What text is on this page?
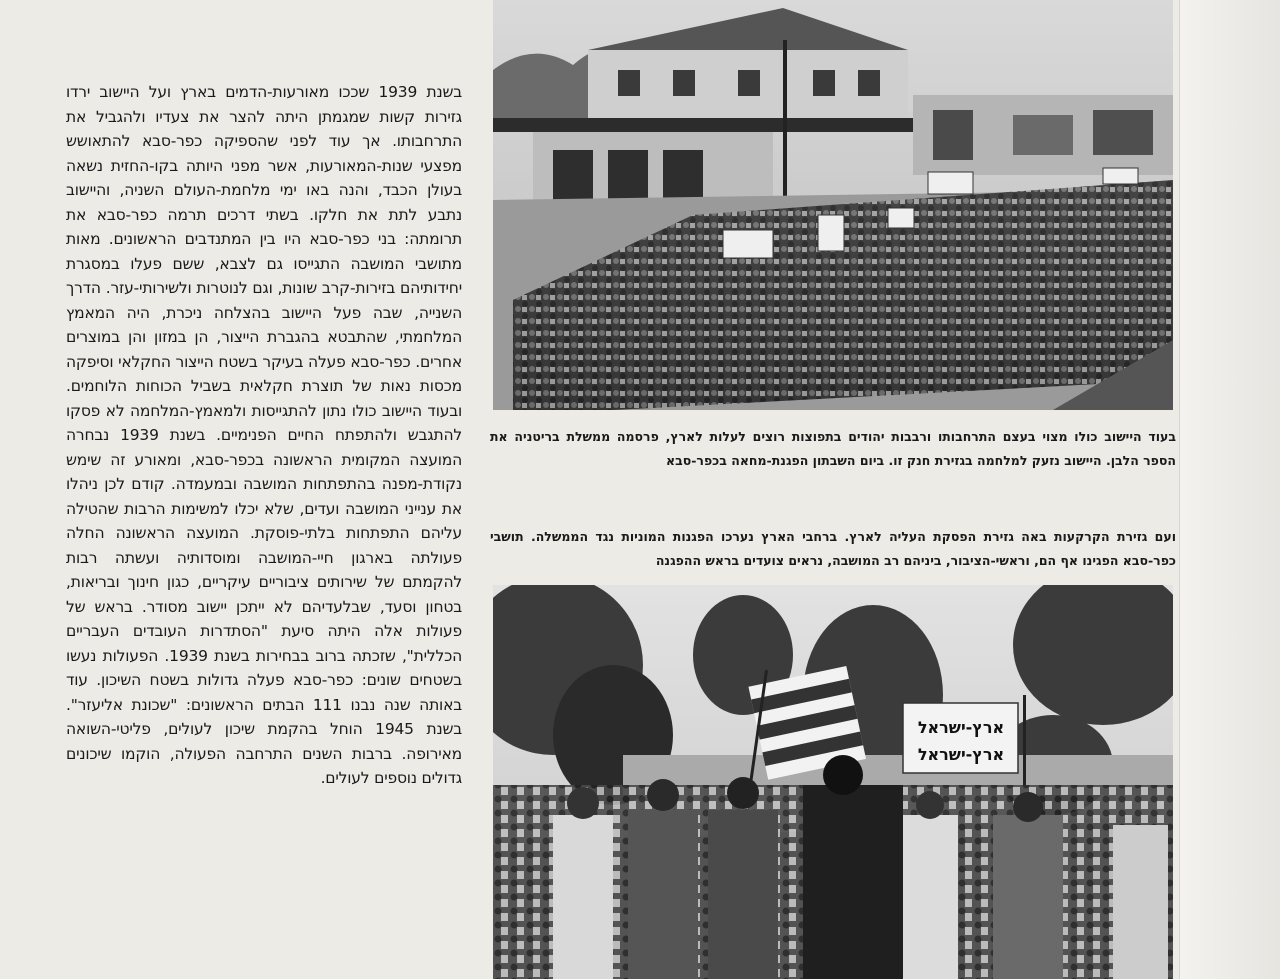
בשנת 1939 שככו מאורעות-הדמים בארץ ועל היישוב ירדו גזירות קשות שמגמתן היתה להצר את צעדיו ולהגביל את התרחבותו. אך עוד לפני שהספיקה כפר-סבא להתאושש מפצעי שנות-המאורעות, אשר מפני היותה בקו-החזית נשאה בעולן הכבד, והנה באו ימי מלחמת-העולם השניה, והיישוב נתבע לתת את חלקו. בשתי דרכים תרמה כפר-סבא את תרומתה: בני כפר-סבא היו בין המתנדבים הראשונים. מאות מתושבי המושבה התגייסו גם לצבא, ששם פעלו במסגרת יחידותיהם בזירות-קרב שונות, וגם לנוטרות ולשירותי-עזר. הדרך השנייה, שבה פעל היישוב בהצלחה ניכרת, היה המאמץ המלחמתי, שהתבטא בהגברת הייצור, הן במזון והן במוצרים אחרים. כפר-סבא פעלה בעיקר בשטח הייצור החקלאי וסיפקה מכסות נאות של תוצרת חקלאית בשביל הכוחות הלוחמים. ובעוד היישוב כולו נתון להתגייסות ולמאמץ-המלחמה לא פסקו להתגבש ולהתפתח החיים הפנימיים. בשנת 1939 נבחרה המועצה המקומית הראשונה בכפר-סבא, ומאורע זה שימש נקודת-מפנה בהתפתחות המושבה ובמעמדה. קודם לכן ניהלו את ענייני המושבה ועדים, שלא יכלו למשימות הרבות שהטילה עליהם התפתחות בלתי-פוסקת. המועצה הראשונה החלה פעולתה בארגון חיי-המושבה ומוסדותיה ועשתה רבות להקמתם של שירותים ציבוריים עיקריים, כגון חינוך ובריאות, בטחון וסעד, שבלעדיהם לא ייתכן יישוב מסודר. בראש של פעולות אלה היתה סיעת "הסתדרות העובדים העבריים הכללית", שזכתה ברוב בבחירות בשנת 1939. הפעולות נעשו בשטחים שונים: כפר-סבא פעלה גדולות בשטח השיכון. עוד באותה שנה נבנו 111 הבתים הראשונים: "שכונת אליעזר". בשנת 1945 הוחל בהקמת שיכון לעולים, פליטי-השואה מאירופה. ברבות השנים התרחבה הפעולה, הוקמו שיכונים גדולים נוספים לעולים.
בעוד היישוב כולו מצוי בעצם התרחבותו ורבבות יהודים בתפוצות רוצים לעלות לארץ, פרסמה ממשלת בריטניה את הספר הלבן. היישוב נזעק למלחמה בגזירת חנק זו. ביום השבתון הפגנת-מחאה בכפר-סבא
ועם גזירת הקרקעות באה גזירת הפסקת העליה לארץ. ברחבי הארץ נערכו הפגנות המוניות נגד הממשלה. תושבי כפר-סבא הפגינו אף הם, וראשי-הציבור, ביניהם רב המושבה, נראים צועדים בראש ההפגנה
ארץ-ישראל
ארץ-ישראל
